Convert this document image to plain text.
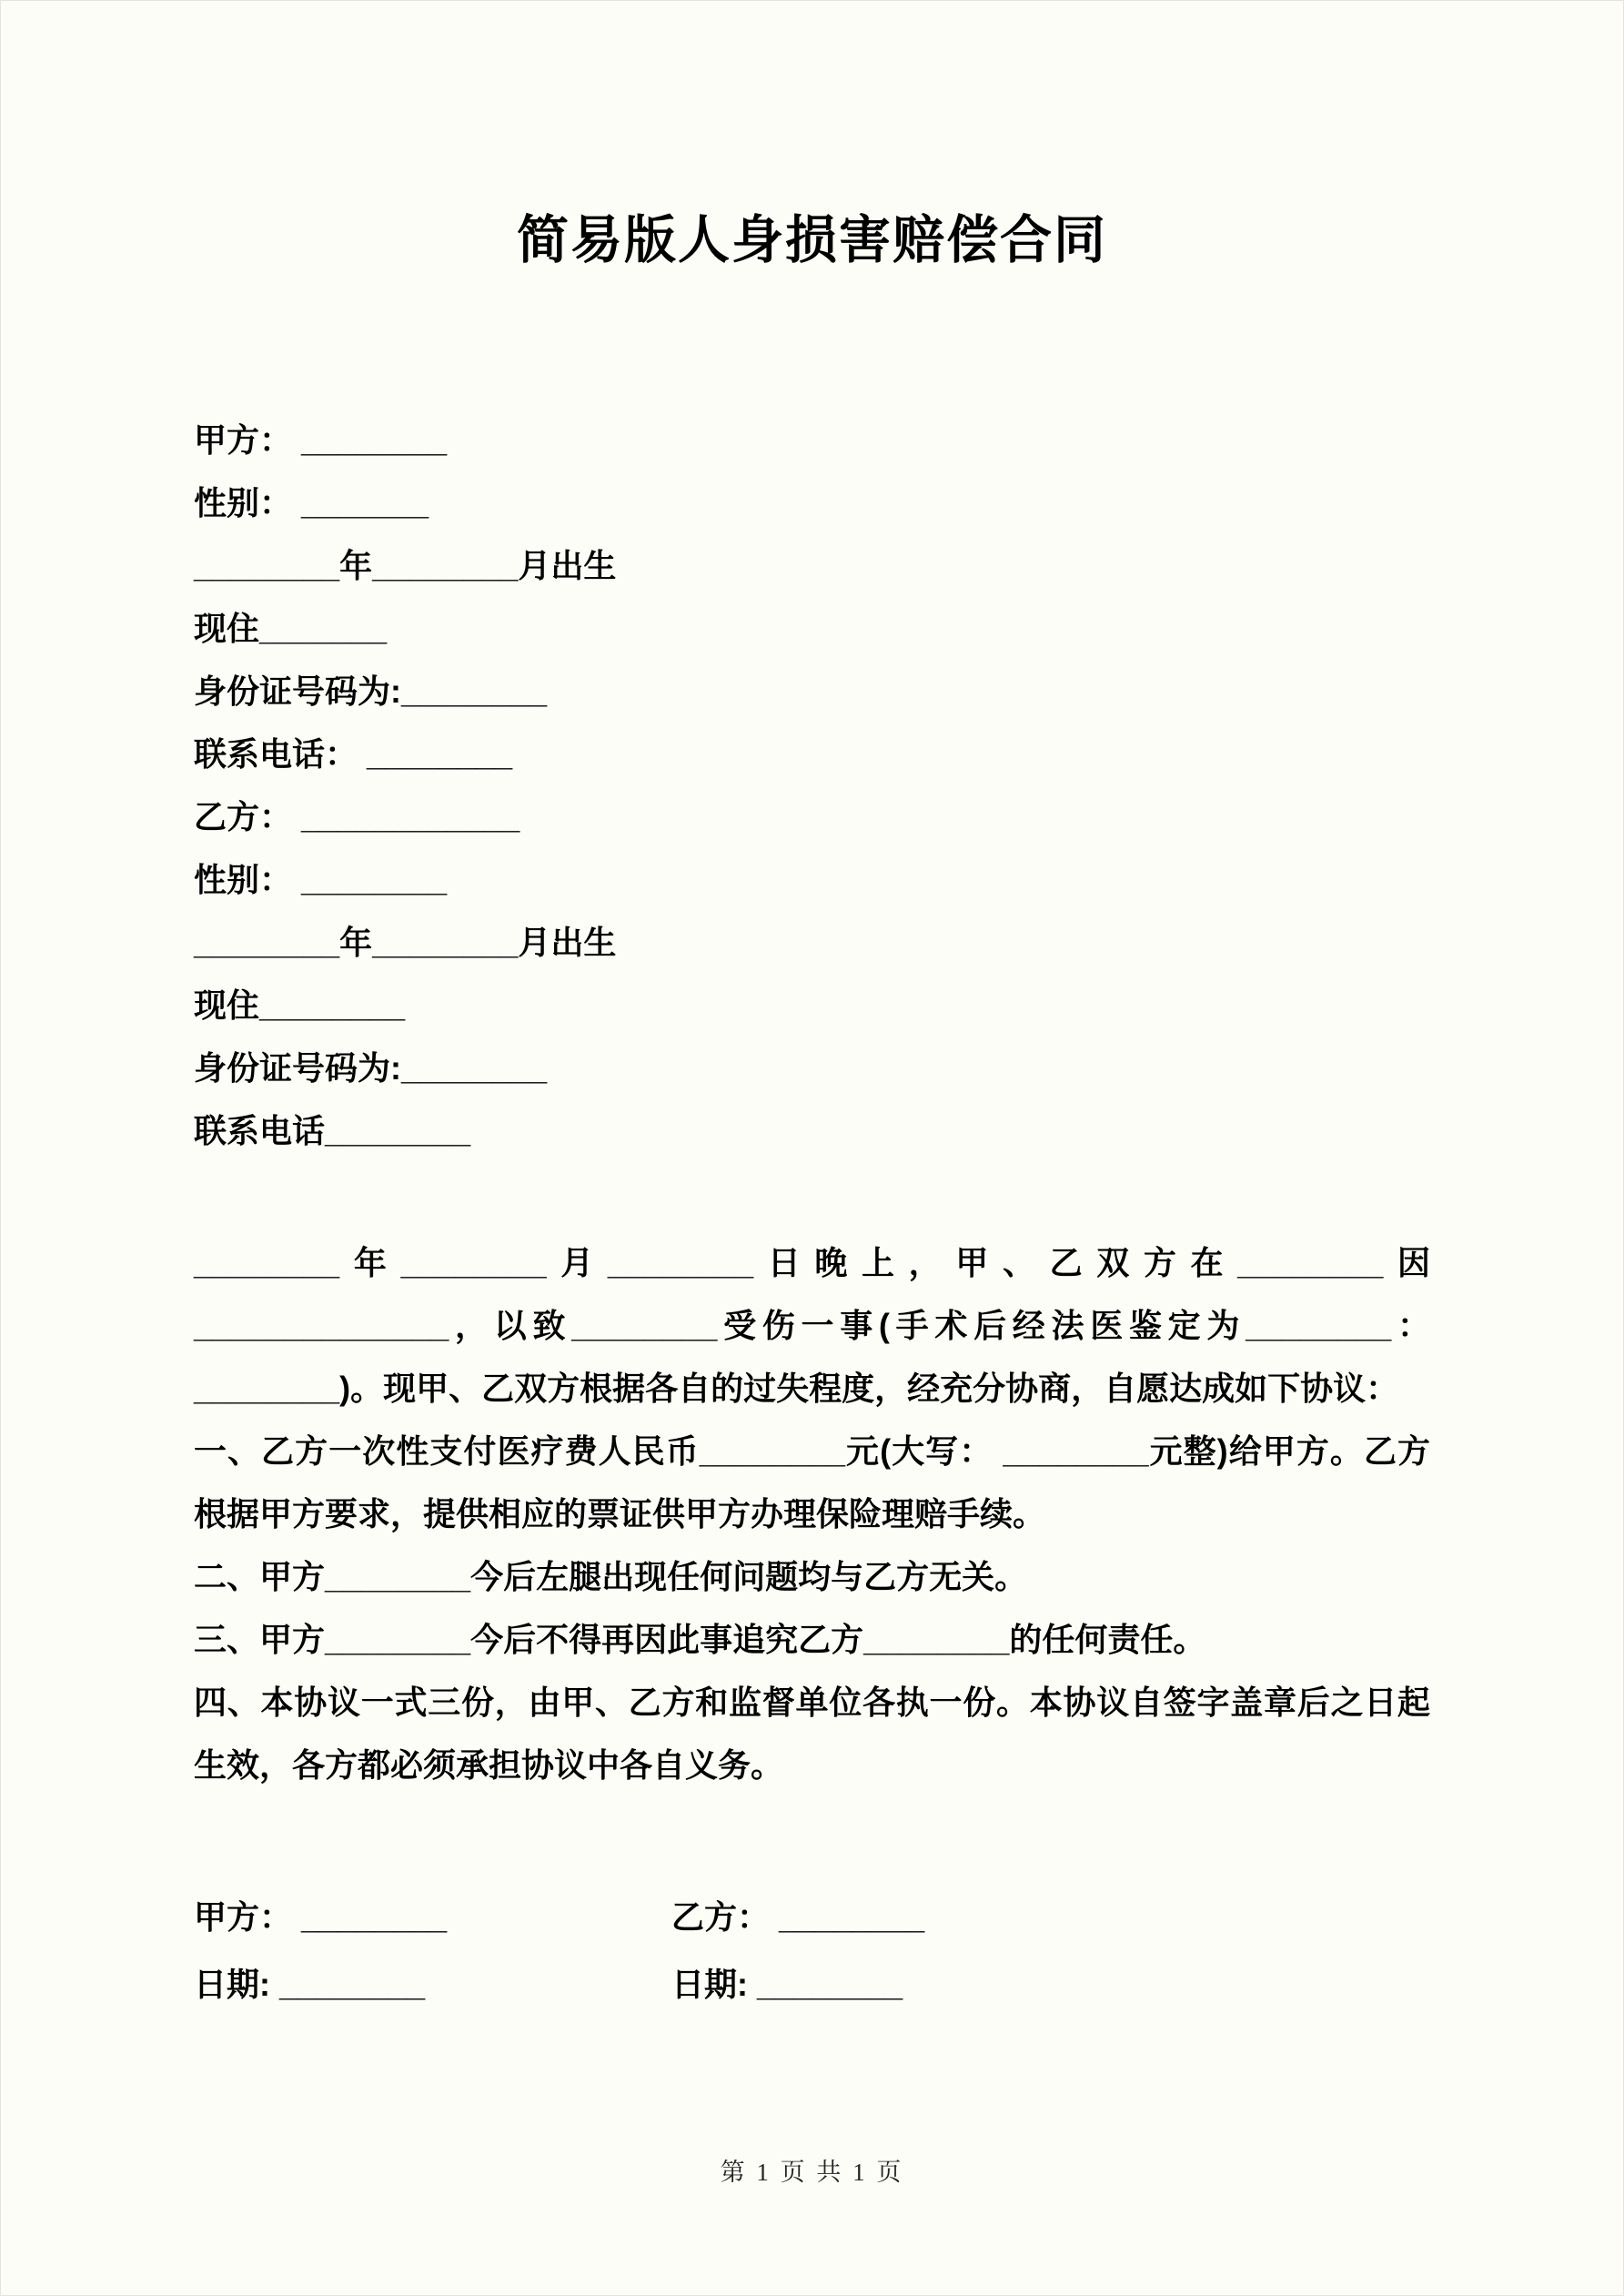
简易版人身损害赔偿合同
甲方： ________
性别： _______
________年________月出生
现住_______
身份证号码为:________
联系电话： ________
乙方： ____________
性别： ________
________年________月出生
现住________
身份证号码为:________
联系电话________

________年________月________日晚上，甲、乙双方在________因______________，以致________受伤一事(手术后经法医鉴定为________： ________)。现甲、乙双方根据各自的过失程度，经充分协商，自愿达成如下协议：

一、乙方一次性支付医疗费人民币________元(大写： ________元整)给甲方。乙方根据甲方要求，提供相应的票证供甲方办理保险理赔手续。

二、甲方________今后左腿出现任何问题均与乙方无关。

三、甲方________今后不得再因此事追究乙方________的任何责任。

四、本协议一式三份，由甲、乙方和监督单位各执一份。本协议自签字盖章后之日起生效，各方都必须承担协议中各自义务。

甲方： ________	乙方： ________
日期: ________	日期: ________
第 1 页 共 1 页
